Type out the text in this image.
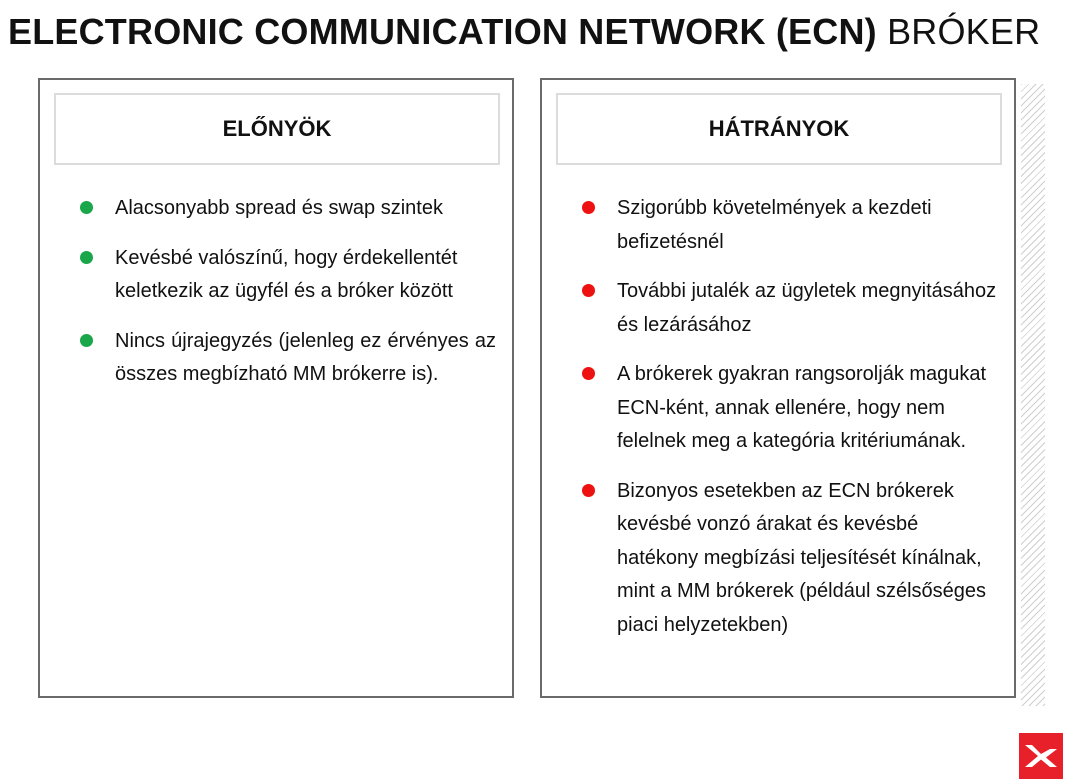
ELECTRONIC COMMUNICATION NETWORK (ECN) BRÓKER
ELŐNYÖK
Alacsonyabb spread és swap szintek
Kevésbé valószínű, hogy érdekellentét keletkezik az ügyfél és a bróker között
Nincs újrajegyzés (jelenleg ez érvényes az összes megbízható MM brókerre is).
HÁTRÁNYOK
Szigorúbb követelmények a kezdeti befizetésnél
További jutalék az ügyletek megnyitásához és lezárásához
A brókerek gyakran rangsorolják magukat ECN-ként, annak ellenére, hogy nem felelnek meg a kategória kritériumának.
Bizonyos esetekben az ECN brókerek kevésbé vonzó árakat és kevésbé hatékony megbízási teljesítését kínálnak, mint a MM brókerek (például szélsőséges piaci helyzetekben)
